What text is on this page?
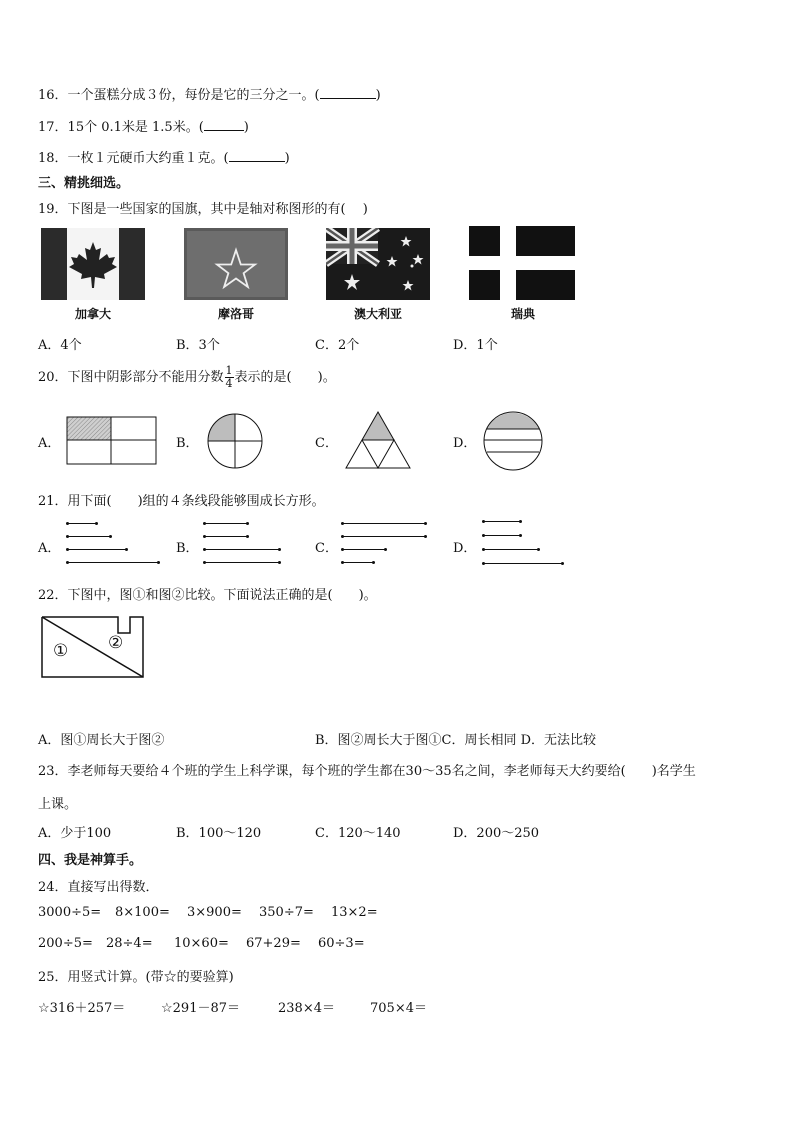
16．一个蛋糕分成３份，每份是它的三分之一。(	)
17．15个 0.1米是 1.5米。(	)
18．一枚１元硬币大约重１克。(	)
三、精挑细选。
19．下图是一些国家的国旗，其中是轴对称图形的有(　 )
加拿大	摩洛哥	澳大利亚	瑞典
A．4个	B．3个	C．2个	D．1个
20．下图中阴影部分不能用分数 $\frac{1}{4}$ 表示的是(　　)。
A．	B．	C．	D．
21．用下面(　　)组的４条线段能够围成长方形。
A．	B．	C．	D．
22．下图中，图①和图②比较。下面说法正确的是(　　)。
① ②
A．图①周长大于图②	B．图②周长大于图①C．周长相同 D．无法比较
23．李老师每天要给４个班的学生上科学课，每个班的学生都在30～35名之间，李老师每天大约要给(　　)名学生
上课。
A．少于100	B．100～120	C．120～140	D．200～250
四、我是神算手。
24．直接写出得数．
3000÷5= 8×100= 3×900= 350÷7= 13×2=
200÷5= 28÷4= 10×60= 67+29= 60÷3=
25．用竖式计算。(带☆的要验算)
☆316＋257＝	☆291－87＝	238×4＝	705×4＝
